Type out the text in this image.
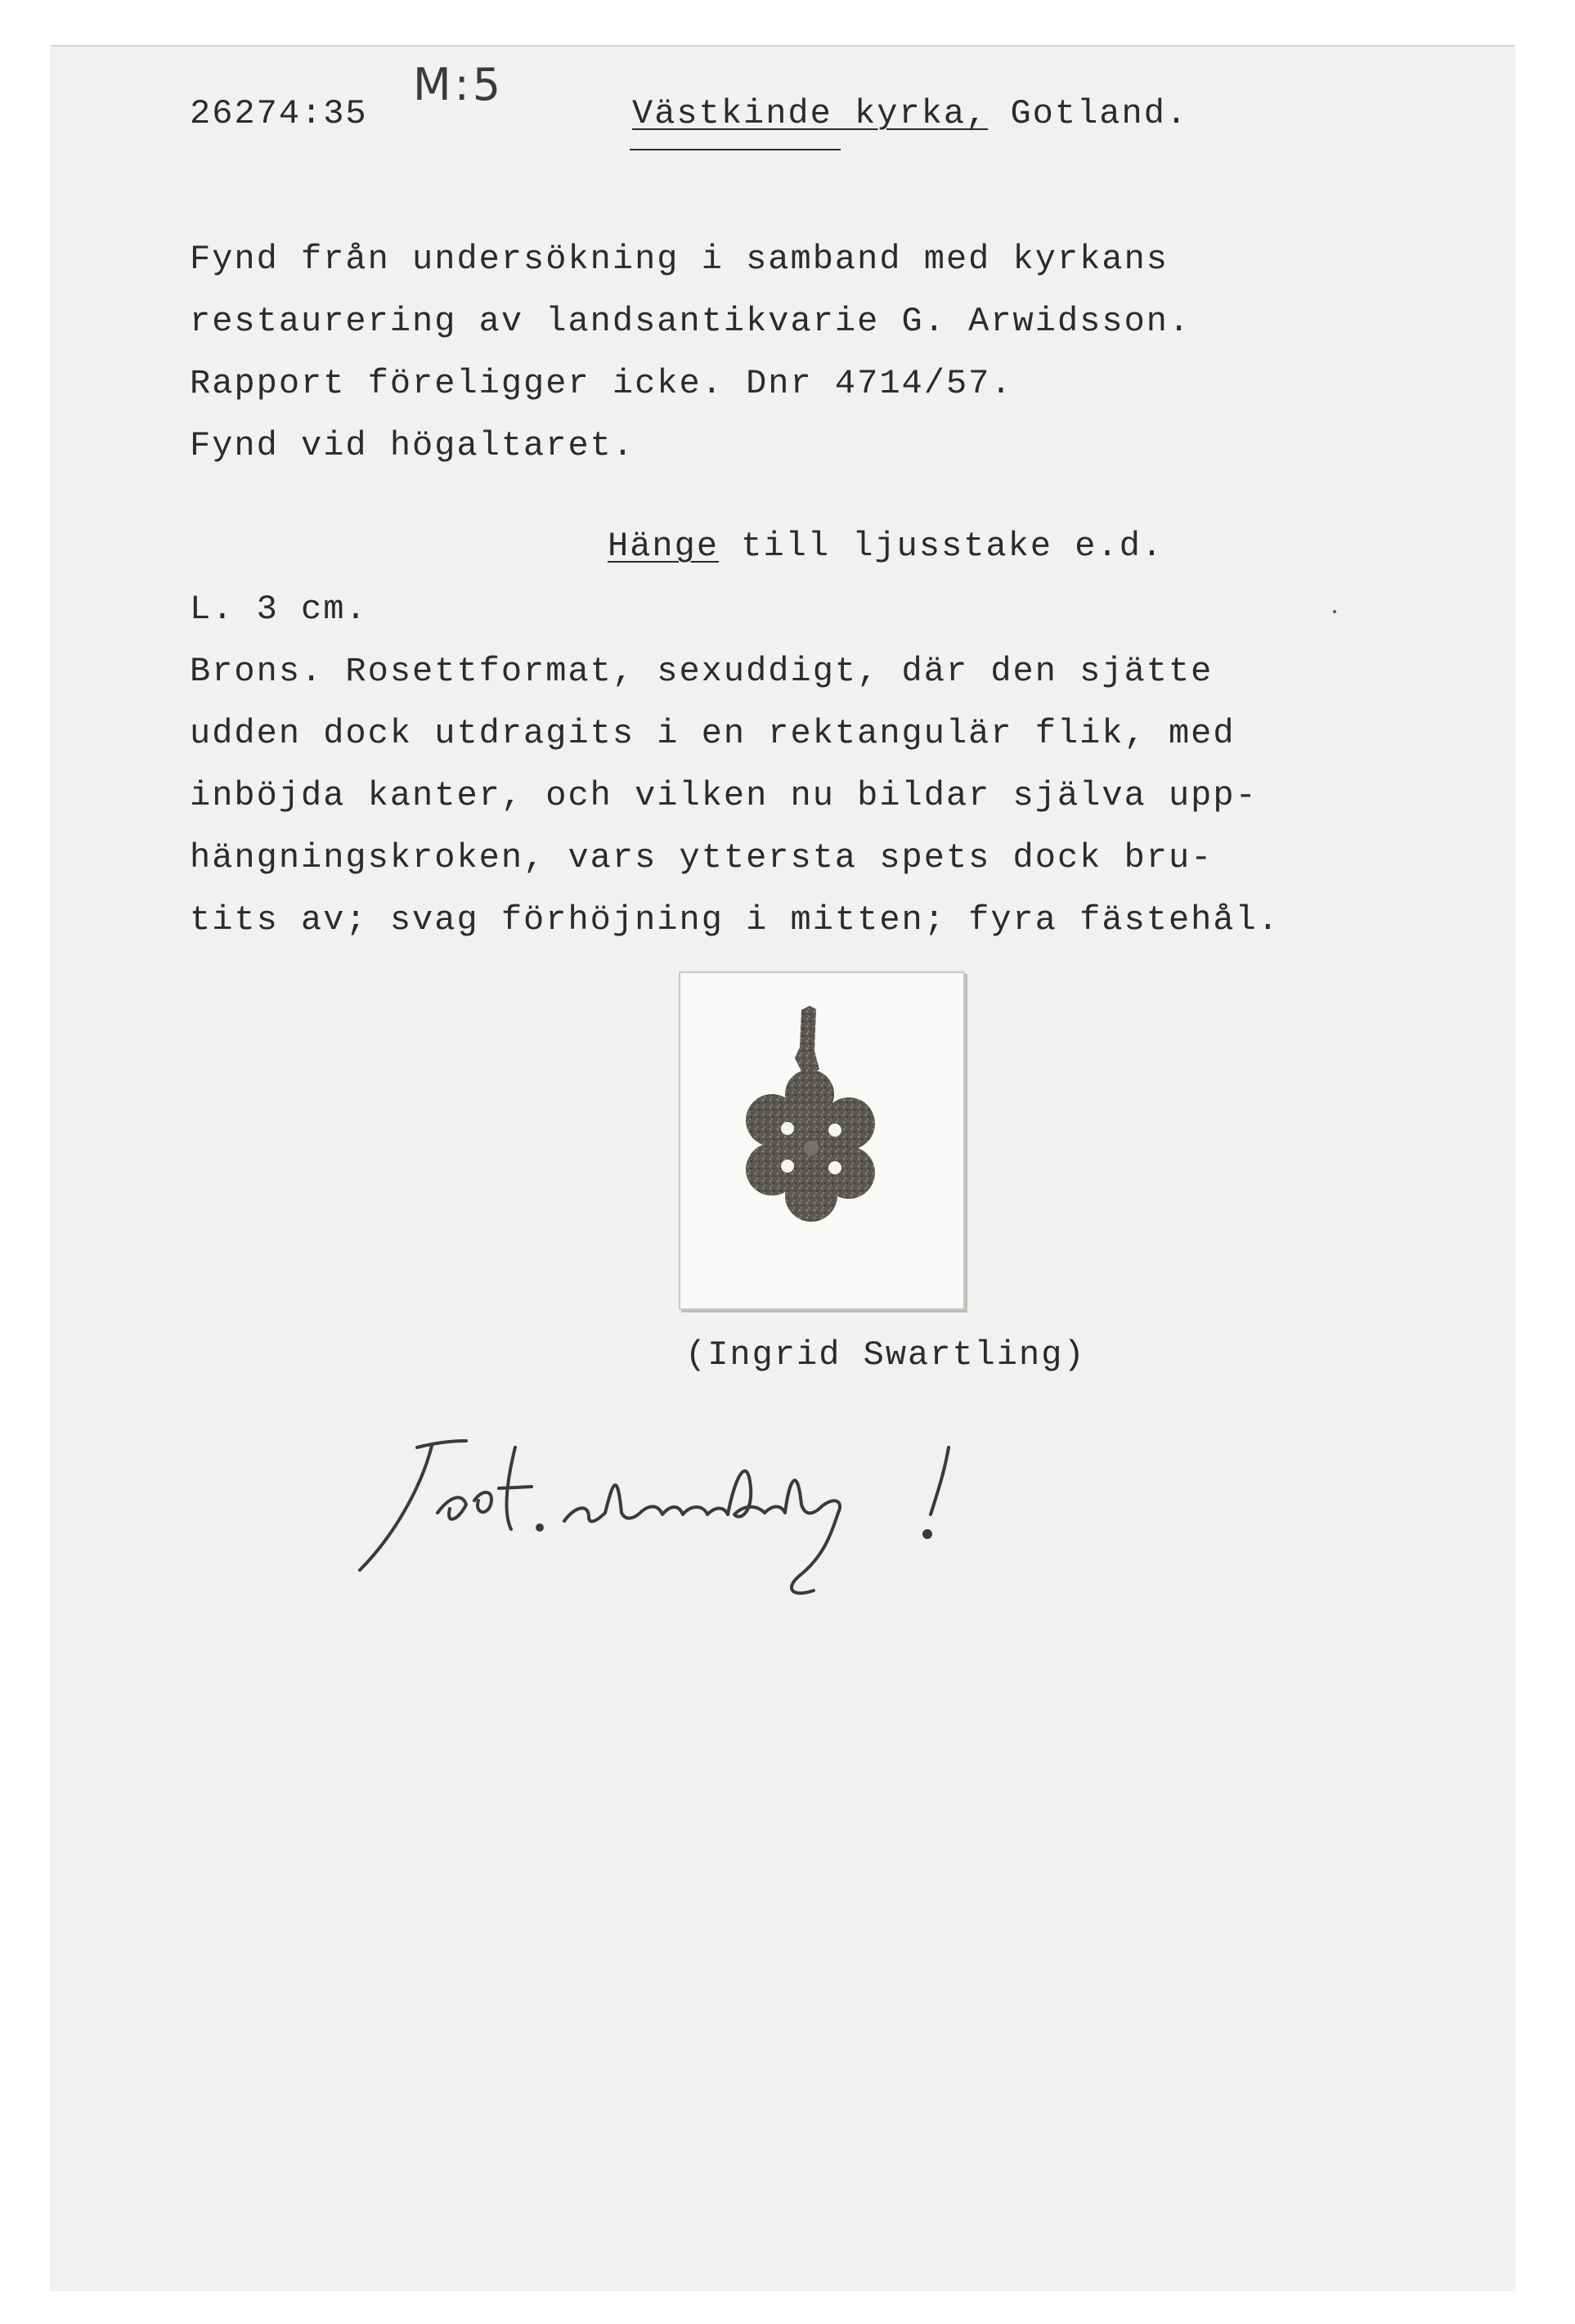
26274:35
M:5
Västkinde kyrka, Gotland.
Fynd från undersökning i samband med kyrkans
restaurering av landsantikvarie G. Arwidsson.
Rapport föreligger icke. Dnr 4714/57.
Fynd vid högaltaret.
Hänge till ljusstake e.d.
L. 3 cm.
Brons. Rosettformat, sexuddigt, där den sjätte
udden dock utdragits i en rektangulär flik, med
inböjda kanter, och vilken nu bildar själva upp-
hängningskroken, vars yttersta spets dock bru-
tits av; svag förhöjning i mitten; fyra fästehål.
(Ingrid Swartling)
